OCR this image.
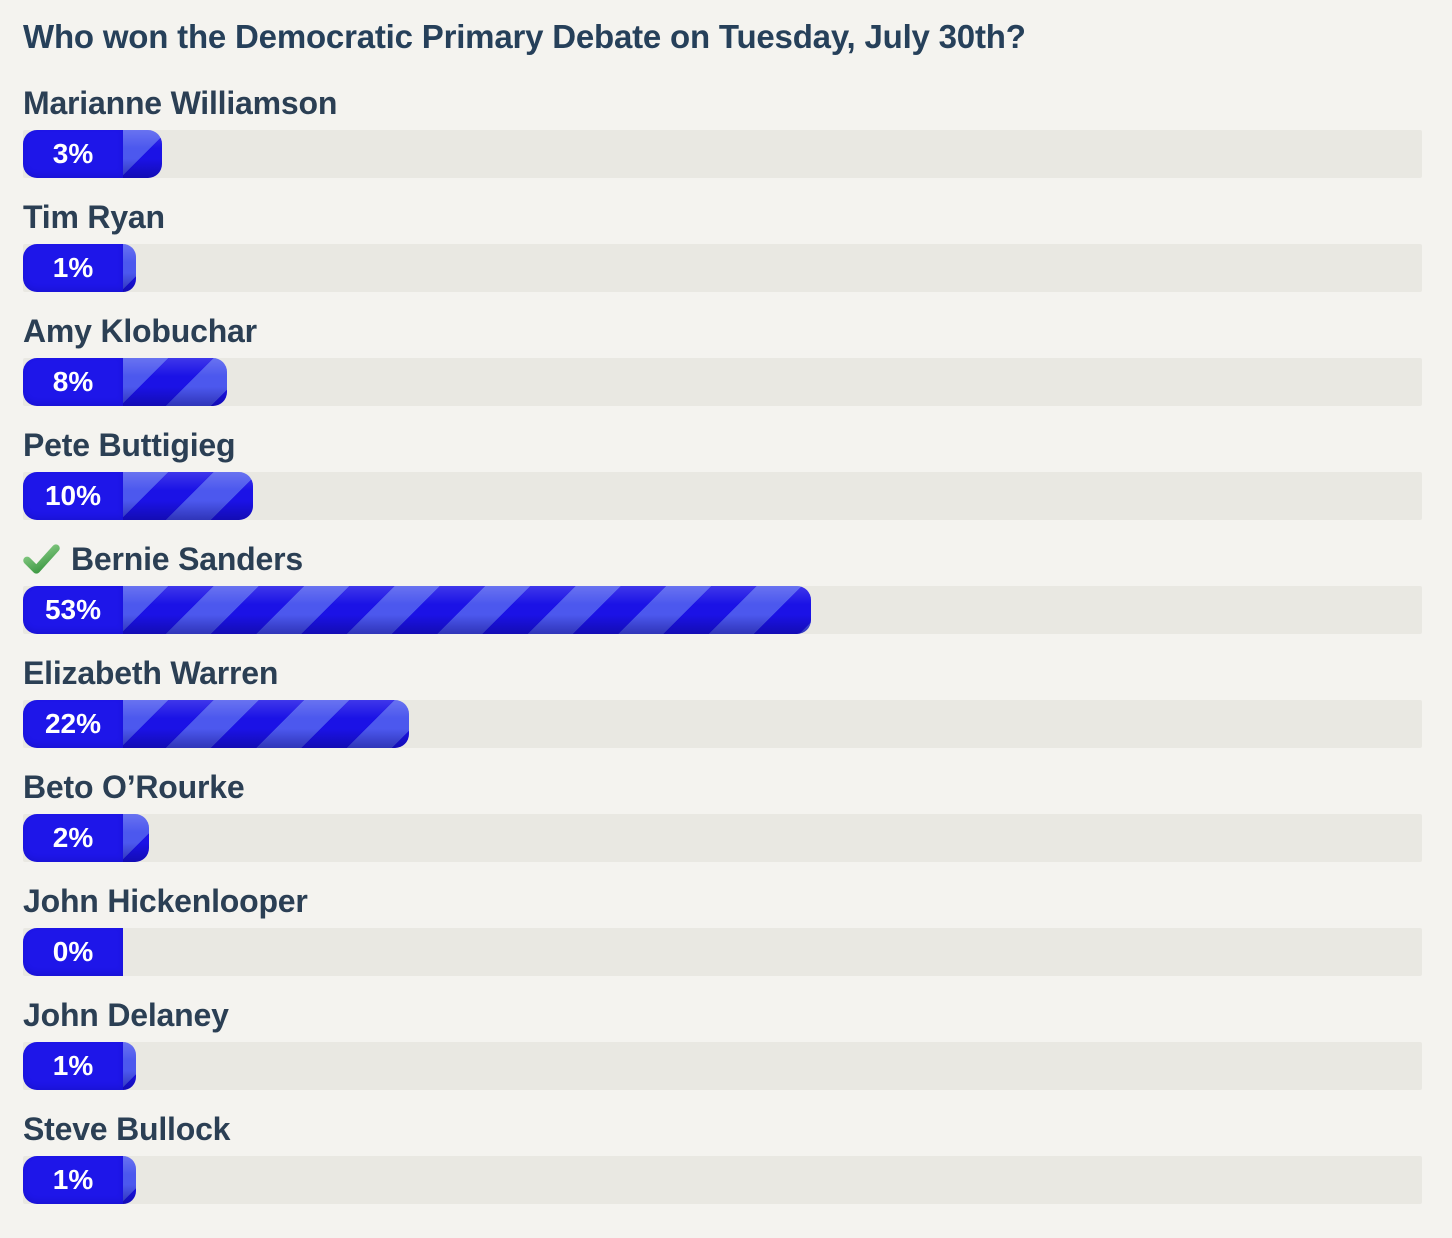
Who won the Democratic Primary Debate on Tuesday, July 30th?
Marianne Williamson
3%
Tim Ryan
1%
Amy Klobuchar
8%
Pete Buttigieg
10%
Bernie Sanders
53%
Elizabeth Warren
22%
Beto O’Rourke
2%
John Hickenlooper
0%
John Delaney
1%
Steve Bullock
1%
